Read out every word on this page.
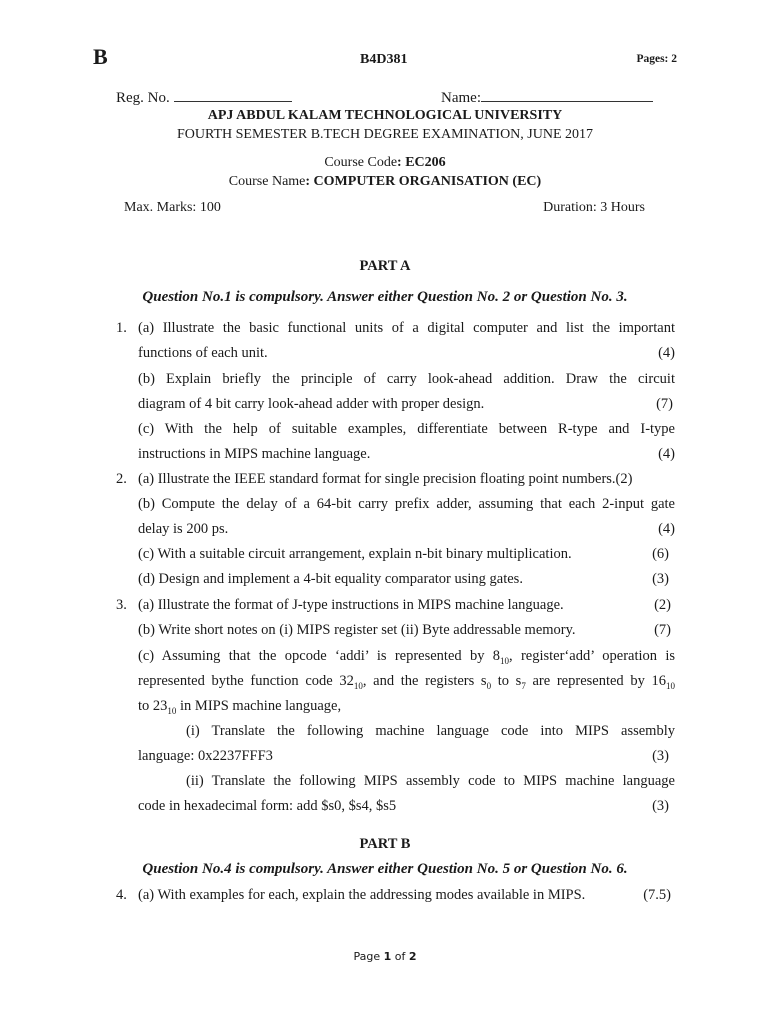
B	B4D381	Pages: 2
Reg. No.	Name:
APJ ABDUL KALAM TECHNOLOGICAL UNIVERSITY
FOURTH SEMESTER B.TECH DEGREE EXAMINATION, JUNE 2017
Course Code: EC206
Course Name: COMPUTER ORGANISATION (EC)
Max. Marks: 100	Duration: 3 Hours
PART A
Question No.1 is compulsory. Answer either Question No. 2 or Question No. 3.
1. (a) Illustrate the basic functional units of a digital computer and list the important
functions of each unit.	(4)
(b) Explain briefly the principle of carry look-ahead addition. Draw the circuit
diagram of 4 bit carry look-ahead adder with proper design.	(7)
(c) With the help of suitable examples, differentiate between R-type and I-type
instructions in MIPS machine language.	(4)
2. (a) Illustrate the IEEE standard format for single precision floating point numbers.(2)
(b) Compute the delay of a 64-bit carry prefix adder, assuming that each 2-input gate
delay is 200 ps.	(4)
(c) With a suitable circuit arrangement, explain n-bit binary multiplication.	(6)
(d) Design and implement a 4-bit equality comparator using gates.	(3)
3. (a) Illustrate the format of J-type instructions in MIPS machine language.	(2)
(b) Write short notes on (i) MIPS register set (ii) Byte addressable memory.	(7)
(c) Assuming that the opcode ‘addi’ is represented by $8_{10}$, register‘add’ operation is
represented bythe function code $32_{10}$, and the registers $s_0$ to $s_7$ are represented by $16_{10}$
to $23_{10}$ in MIPS machine language,
(i) Translate the following machine language code into MIPS assembly
language: 0x2237FFF3	(3)
(ii) Translate the following MIPS assembly code to MIPS machine language
code in hexadecimal form: add $s0, $s4, $s5	(3)
PART B
Question No.4 is compulsory. Answer either Question No. 5 or Question No. 6.
4. (a) With examples for each, explain the addressing modes available in MIPS.	(7.5)
Page 1 of 2
